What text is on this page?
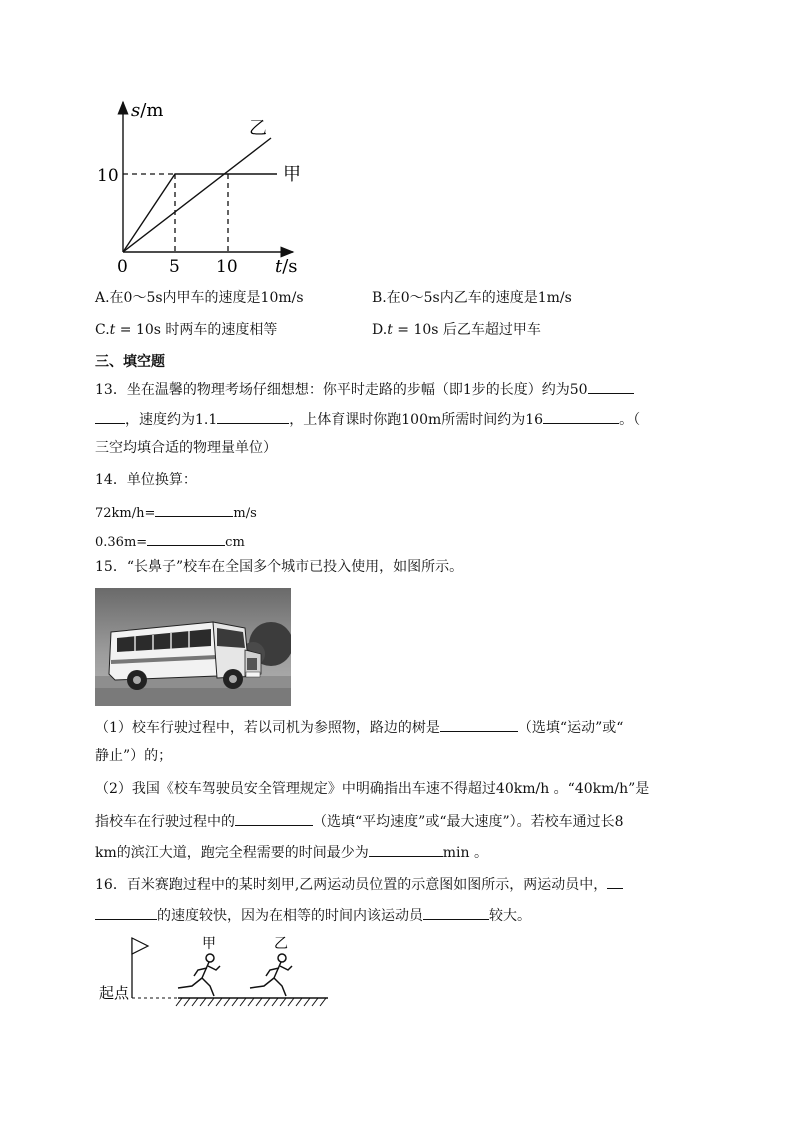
s/m
t/s
10
0 5 10
乙
甲
A.在0～5s内甲车的速度是10m/s	B.在0～5s内乙车的速度是1m/s
C.t = 10s 时两车的速度相等	D.t = 10s 后乙车超过甲车
三、填空题
13．坐在温馨的物理考场仔细想想：你平时走路的步幅（即1步的长度）约为50
，速度约为1.1	，上体育课时你跑100m所需时间约为16	。（
三空均填合适的物理量单位）
14．单位换算：
72km/h=	m/s
0.36m=	cm
15．“长鼻子”校车在全国多个城市已投入使用，如图所示。
（1）校车行驶过程中，若以司机为参照物，路边的树是	（选填“运动”或“
静止”）的；
（2）我国《校车驾驶员安全管理规定》中明确指出车速不得超过40km/h 。“40km/h”是
指校车在行驶过程中的	（选填“平均速度”或“最大速度”）。若校车通过长8
km的滨江大道，跑完全程需要的时间最少为	min 。
16．百米赛跑过程中的某时刻甲,乙两运动员位置的示意图如图所示，两运动员中，
的速度较快，因为在相等的时间内该运动员	较大。
起点
甲	乙
